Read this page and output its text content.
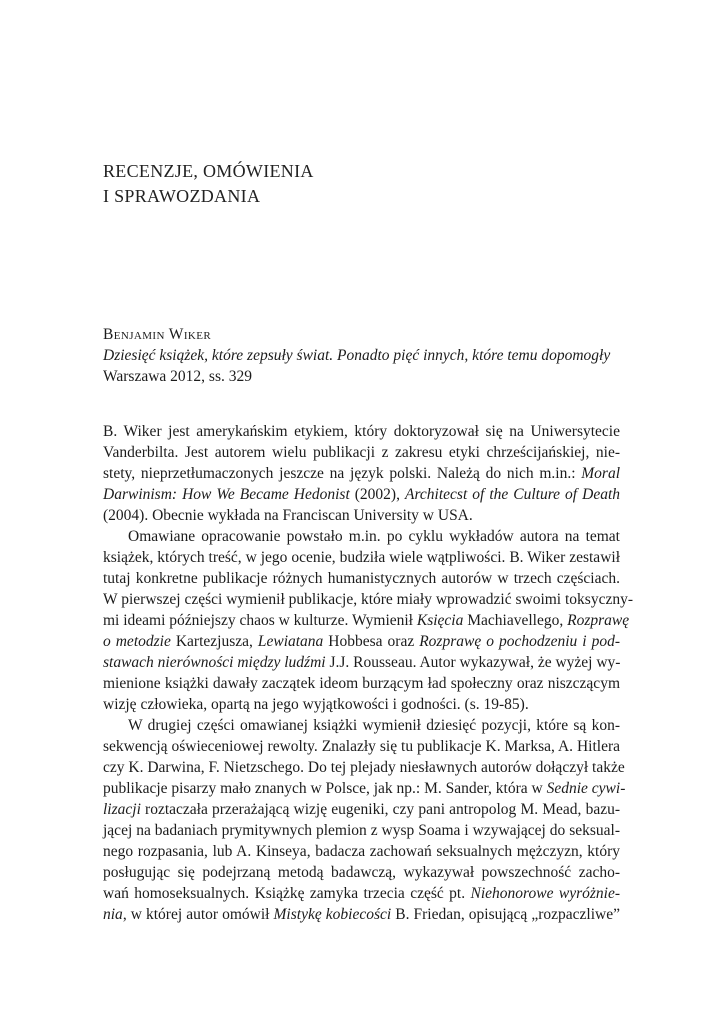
RECENZJE, OMÓWIENIA
I SPRAWOZDANIA
Benjamin Wiker
Dziesięć książek, które zepsuły świat. Ponadto pięć innych, które temu dopomogły
Warszawa 2012, ss. 329
B. Wiker jest amerykańskim etykiem, który doktoryzował się na Uniwersytecie
Vanderbilta. Jest autorem wielu publikacji z zakresu etyki chrześcijańskiej, nie-
stety, nieprzetłumaczonych jeszcze na język polski. Należą do nich m.in.: Moral
Darwinism: How We Became Hedonist (2002), Architecst of the Culture of Death
(2004). Obecnie wykłada na Franciscan University w USA.
Omawiane opracowanie powstało m.in. po cyklu wykładów autora na temat
książek, których treść, w jego ocenie, budziła wiele wątpliwości. B. Wiker zestawił
tutaj konkretne publikacje różnych humanistycznych autorów w trzech częściach.
W pierwszej części wymienił publikacje, które miały wprowadzić swoimi toksyczny-
mi ideami późniejszy chaos w kulturze. Wymienił Księcia Machiavellego, Rozprawę
o metodzie Kartezjusza, Lewiatana Hobbesa oraz Rozprawę o pochodzeniu i pod-
stawach nierówności między ludźmi J.J. Rousseau. Autor wykazywał, że wyżej wy-
mienione książki dawały zaczątek ideom burzącym ład społeczny oraz niszczącym
wizję człowieka, opartą na jego wyjątkowości i godności. (s. 19-85).
W drugiej części omawianej książki wymienił dziesięć pozycji, które są kon-
sekwencją oświeceniowej rewolty. Znalazły się tu publikacje K. Marksa, A. Hitlera
czy K. Darwina, F. Nietzschego. Do tej plejady niesławnych autorów dołączył także
publikacje pisarzy mało znanych w Polsce, jak np.: M. Sander, która w Sednie cywi-
lizacji roztaczała przerażającą wizję eugeniki, czy pani antropolog M. Mead, bazu-
jącej na badaniach prymitywnych plemion z wysp Soama i wzywającej do seksual-
nego rozpasania, lub A. Kinseya, badacza zachowań seksualnych mężczyzn, który
posługując się podejrzaną metodą badawczą, wykazywał powszechność zacho-
wań homoseksualnych. Książkę zamyka trzecia część pt. Niehonorowe wyróżnie-
nia, w której autor omówił Mistykę kobiecości B. Friedan, opisującą „rozpaczliwe”
